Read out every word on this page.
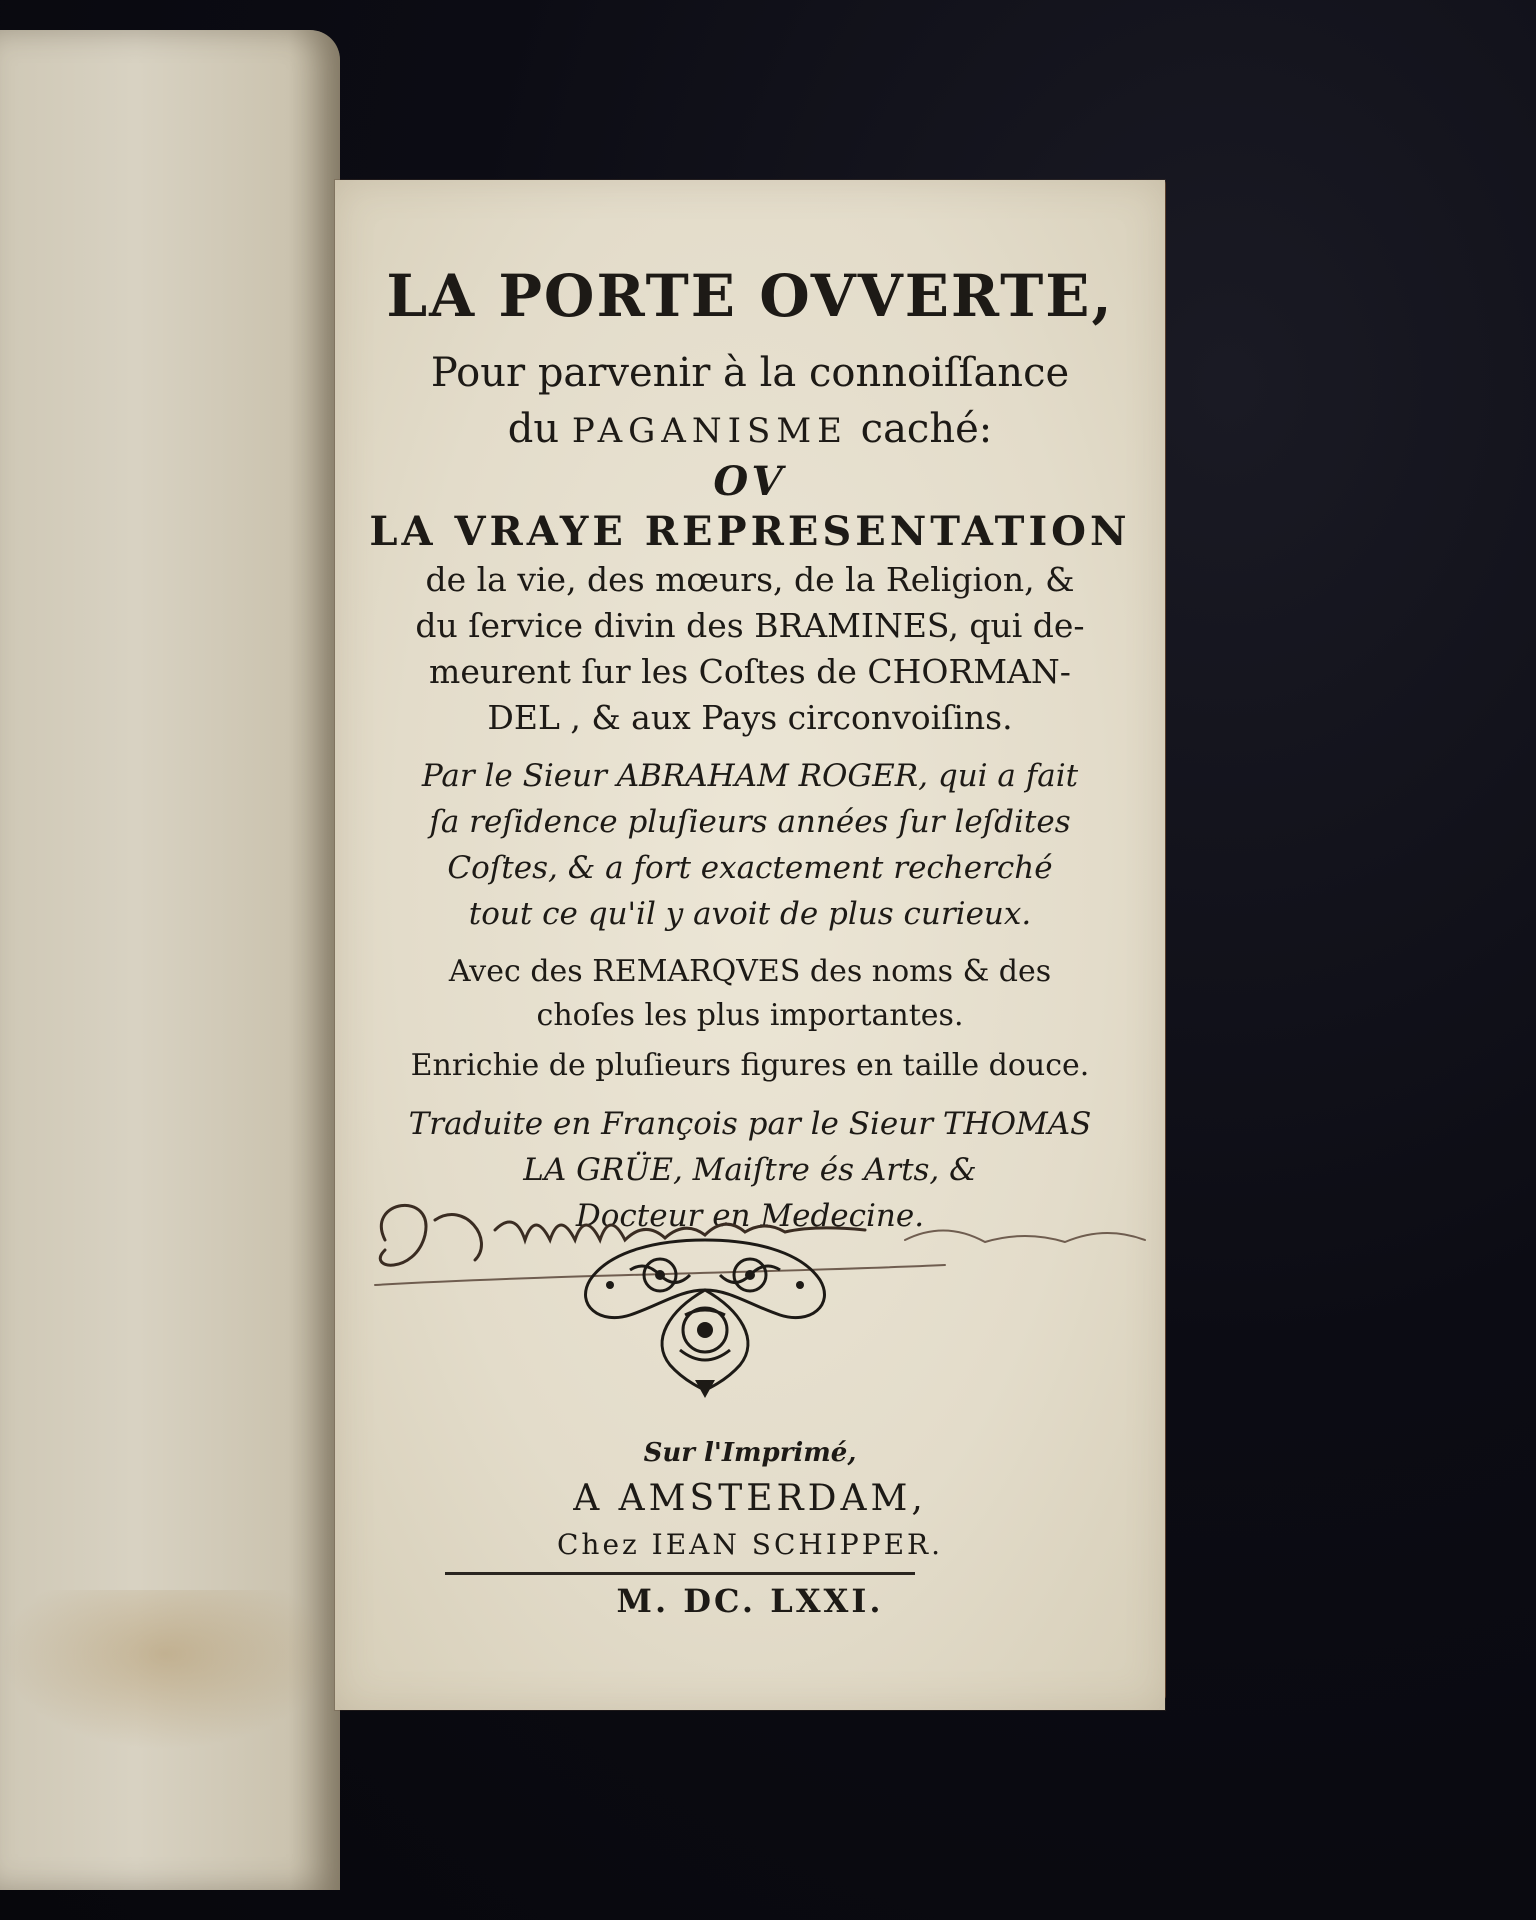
LA PORTE OVVERTE,
Pour parvenir à la connoiſſance
du PAGANISME caché:
OV
LA VRAYE REPRESENTATION
de la vie, des mœurs, de la Religion, &
du ſervice divin des BRAMINES, qui de-
meurent ſur les Coſtes de CHORMAN-
DEL , & aux Pays circonvoiſins.
Par le Sieur ABRAHAM ROGER, qui a fait
ſa reſidence pluſieurs années ſur leſdites
Coſtes, & a fort exactement recherché
tout ce qu'il y avoit de plus curieux.
Avec des REMARQVES des noms & des
choſes les plus importantes.
Enrichie de pluſieurs figures en taille douce.
Traduite en François par le Sieur THOMAS
LA GRÜE, Maiſtre és Arts, &
Docteur en Medecine.
Sur l'Imprimé,
A AMSTERDAM,
Chez IEAN SCHIPPER.
M. DC. LXXI.
